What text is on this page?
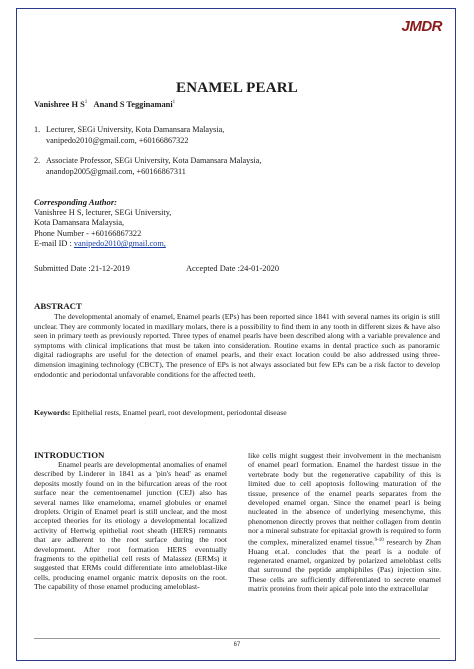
JMDR
ENAMEL PEARL
Vanishree H $S^1$ Anand S Tegginamani$^1$
1. Lecturer, SEGi University, Kota Damansara Malaysia,
vanipedo2010@gmail.com, +60166867322
2. Associate Professor, SEGi University, Kota Damansara Malaysia,
anandop2005@gmail.com, +60166867311
Corresponding Author:
Vanishree H S, lecturer, SEGi University,
Kota Damansara Malaysia,
Phone Number - +60166867322
E-mail ID : vanipedo2010@gmail.com,
Submitted Date :21-12-2019	Accepted Date :24-01-2020
ABSTRACT
The developmental anomaly of enamel, Enamel pearls (EPs) has been reported since 1841 with several names its origin is still unclear. They are commonly located in maxillary molars, there is a possibility to find them in any tooth in different sizes & have also seen in primary teeth as previously reported. Three types of enamel pearls have been described along with a variable prevalence and symptoms with clinical implications that must be taken into consideration. Routine exams in dental practice such as panoramic digital radiographs are useful for the detection of enamel pearls, and their exact location could be also addressed using three-dimension imagining technology (CBCT), The presence of EPs is not always associated but few EPs can be a risk factor to develop endodontic and periodontal unfavorable conditions for the affected teeth.
Keywords: Epithelial rests, Enamel pearl, root development, periodontal disease
INTRODUCTION
Enamel pearls are developmental anomalies of enamel described by Linderer in 1841 as a 'pin's head' as enamel deposits mostly found on in the bifurcation areas of the root surface near the cementoenamel junction (CEJ) also has several names like enameloma, enamel globules or enamel droplets. Origin of Enamel pearl is still unclear, and the most accepted theories for its etiology a developmental localized activity of Hertwig epithelial root sheath (HERS) remnants that are adherent to the root surface during the root development. After root formation HERS eventually fragments to the epithelial cell rests of Malassez (ERMs) it suggested that ERMs could differentiate into ameloblast-like cells, producing enamel organic matrix deposits on the root. The capability of those enamel producing ameloblast-
like cells might suggest their involvement in the mechanism of enamel pearl formation. Enamel the hardest tissue in the vertebrate body but the regenerative capability of this is limited due to cell apoptosis following maturation of the tissue, presence of the enamel pearls separates from the developed enamel organ. Since the enamel pearl is being nucleated in the absence of underlying mesenchyme, this phenomenon directly proves that neither collagen from dentin nor a mineral substrate for epitaxial growth is required to form the complex, mineralized enamel tissue.$^{9-10}$ research by Zhan Huang et.al. concludes that the pearl is a nodule of regenerated enamel, organized by polarized ameloblast cells that surround the peptide amphiphiles (Pas) injection site. These cells are sufficiently differentiated to secrete enamel matrix proteins from their apical pole into the extracellular
67
